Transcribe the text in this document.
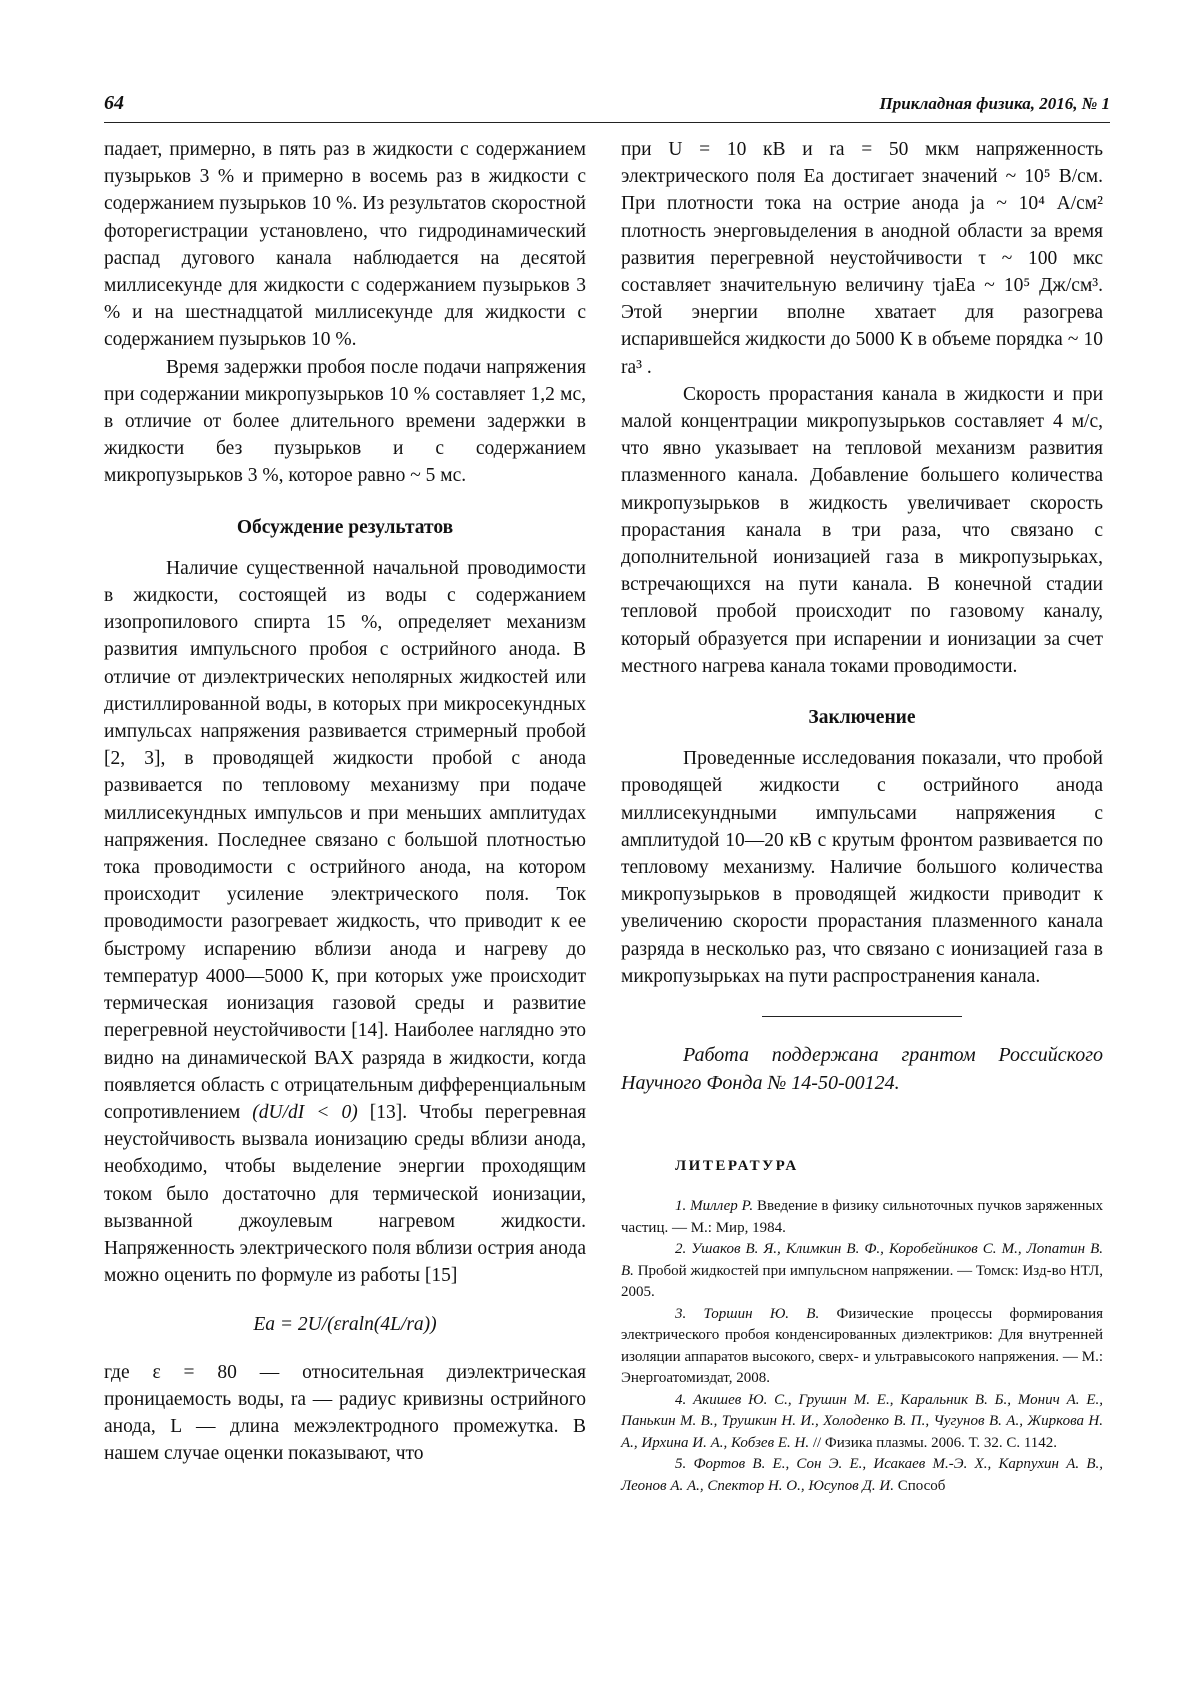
64	Прикладная физика, 2016, № 1

падает, примерно, в пять раз в жидкости с содержанием пузырьков 3 % и примерно в восемь раз в жидкости с содержанием пузырьков 10 %. Из результатов скоростной фоторегистрации установлено, что гидродинамический распад дугового канала наблюдается на десятой миллисекунде для жидкости с содержанием пузырьков 3 % и на шестнадцатой миллисекунде для жидкости с содержанием пузырьков 10 %.

Время задержки пробоя после подачи напряжения при содержании микропузырьков 10 % составляет 1,2 мс, в отличие от более длительного времени задержки в жидкости без пузырьков и с содержанием микропузырьков 3 %, которое равно ~ 5 мс.

Обсуждение результатов

Наличие существенной начальной проводимости в жидкости, состоящей из воды с содержанием изопропилового спирта 15 %, определяет механизм развития импульсного пробоя с острийного анода. В отличие от диэлектрических неполярных жидкостей или дистиллированной воды, в которых при микросекундных импульсах напряжения развивается стримерный пробой [2, 3], в проводящей жидкости пробой с анода развивается по тепловому механизму при подаче миллисекундных импульсов и при меньших амплитудах напряжения. Последнее связано с большой плотностью тока проводимости с острийного анода, на котором происходит усиление электрического поля. Ток проводимости разогревает жидкость, что приводит к ее быстрому испарению вблизи анода и нагреву до температур 4000—5000 К, при которых уже происходит термическая ионизация газовой среды и развитие перегревной неустойчивости [14]. Наиболее наглядно это видно на динамической ВАХ разряда в жидкости, когда появляется область с отрицательным дифференциальным сопротивлением (dU/dI < 0) [13]. Чтобы перегревная неустойчивость вызвала ионизацию среды вблизи анода, необходимо, чтобы выделение энергии проходящим током было достаточно для термической ионизации, вызванной джоулевым нагревом жидкости. Напряженность электрического поля вблизи острия анода можно оценить по формуле из работы [15]

Ea = 2U/(εraln(4L/ra))

где ε = 80 — относительная диэлектрическая проницаемость воды, ra — радиус кривизны острийного анода, L — длина межэлектродного промежутка. В нашем случае оценки показывают, что

при U = 10 кВ и ra = 50 мкм напряженность электрического поля Ea достигает значений ~ 10⁵ В/см. При плотности тока на острие анода ja ~ 10⁴ А/см² плотность энерговыделения в анодной области за время развития перегревной неустойчивости τ ~ 100 мкс составляет значительную величину τjaEa ~ 10⁵ Дж/см³. Этой энергии вполне хватает для разогрева испарившейся жидкости до 5000 К в объеме порядка ~ 10 ra³ .

Скорость прорастания канала в жидкости и при малой концентрации микропузырьков составляет 4 м/с, что явно указывает на тепловой механизм развития плазменного канала. Добавление большего количества микропузырьков в жидкость увеличивает скорость прорастания канала в три раза, что связано с дополнительной ионизацией газа в микропузырьках, встречающихся на пути канала. В конечной стадии тепловой пробой происходит по газовому каналу, который образуется при испарении и ионизации за счет местного нагрева канала токами проводимости.

Заключение

Проведенные исследования показали, что пробой проводящей жидкости с острийного анода миллисекундными импульсами напряжения с амплитудой 10—20 кВ с крутым фронтом развивается по тепловому механизму. Наличие большого количества микропузырьков в проводящей жидкости приводит к увеличению скорости прорастания плазменного канала разряда в несколько раз, что связано с ионизацией газа в микропузырьках на пути распространения канала.

Работа поддержана грантом Российского Научного Фонда № 14-50-00124.

ЛИТЕРАТУРА

1. Миллер Р. Введение в физику сильноточных пучков заряженных частиц. — М.: Мир, 1984.

2. Ушаков В. Я., Климкин В. Ф., Коробейников С. М., Лопатин В. В. Пробой жидкостей при импульсном напряжении. — Томск: Изд-во НТЛ, 2005.

3. Торшин Ю. В. Физические процессы формирования электрического пробоя конденсированных диэлектриков: Для внутренней изоляции аппаратов высокого, сверх- и ультравысокого напряжения. — М.: Энергоатомиздат, 2008.

4. Акишев Ю. С., Грушин М. Е., Каральник В. Б., Монич А. Е., Панькин М. В., Трушкин Н. И., Холоденко В. П., Чугунов В. А., Жиркова Н. А., Ирхина И. А., Кобзев Е. Н. // Физика плазмы. 2006. Т. 32. С. 1142.

5. Фортов В. Е., Сон Э. Е., Исакаев М.-Э. Х., Карпухин А. В., Леонов А. А., Спектор Н. О., Юсупов Д. И. Способ
